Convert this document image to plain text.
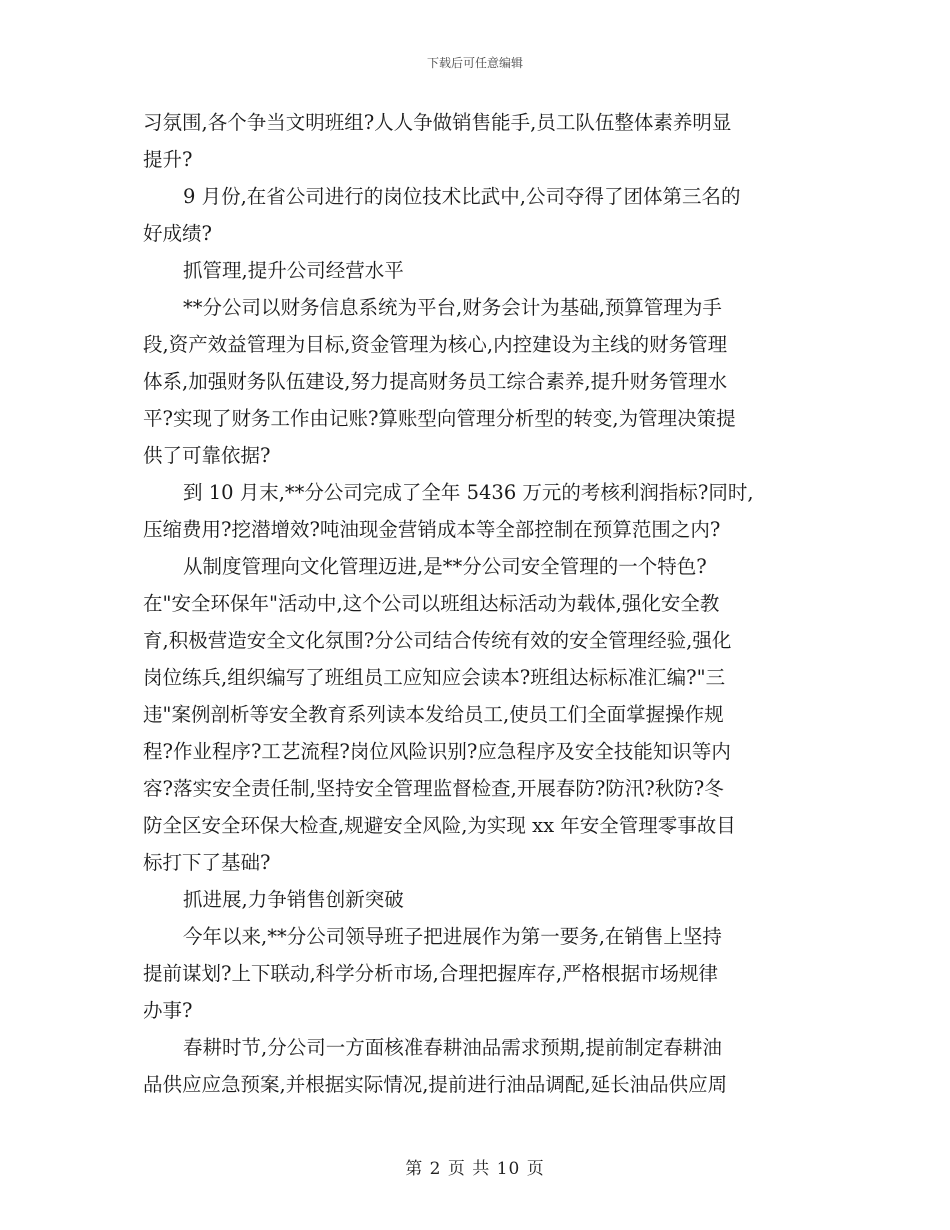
下载后可任意编辑
习氛围,各个争当文明班组?人人争做销售能手,员工队伍整体素养明显
提升?
9 月份,在省公司进行的岗位技术比武中,公司夺得了团体第三名的
好成绩?
抓管理,提升公司经营水平
**分公司以财务信息系统为平台,财务会计为基础,预算管理为手
段,资产效益管理为目标,资金管理为核心,内控建设为主线的财务管理
体系,加强财务队伍建设,努力提高财务员工综合素养,提升财务管理水
平?实现了财务工作由记账?算账型向管理分析型的转变,为管理决策提
供了可靠依据?
到 10 月末,**分公司完成了全年 5436 万元的考核利润指标?同时,
压缩费用?挖潜增效?吨油现金营销成本等全部控制在预算范围之内?
从制度管理向文化管理迈进,是**分公司安全管理的一个特色?
在"安全环保年"活动中,这个公司以班组达标活动为载体,强化安全教
育,积极营造安全文化氛围?分公司结合传统有效的安全管理经验,强化
岗位练兵,组织编写了班组员工应知应会读本?班组达标标准汇编?"三
违"案例剖析等安全教育系列读本发给员工,使员工们全面掌握操作规
程?作业程序?工艺流程?岗位风险识别?应急程序及安全技能知识等内
容?落实安全责任制,坚持安全管理监督检查,开展春防?防汛?秋防?冬
防全区安全环保大检查,规避安全风险,为实现 xx 年安全管理零事故目
标打下了基础?
抓进展,力争销售创新突破
今年以来,**分公司领导班子把进展作为第一要务,在销售上坚持
提前谋划?上下联动,科学分析市场,合理把握库存,严格根据市场规律
办事?
春耕时节,分公司一方面核准春耕油品需求预期,提前制定春耕油
品供应应急预案,并根据实际情况,提前进行油品调配,延长油品供应周
第 2 页 共 10 页
